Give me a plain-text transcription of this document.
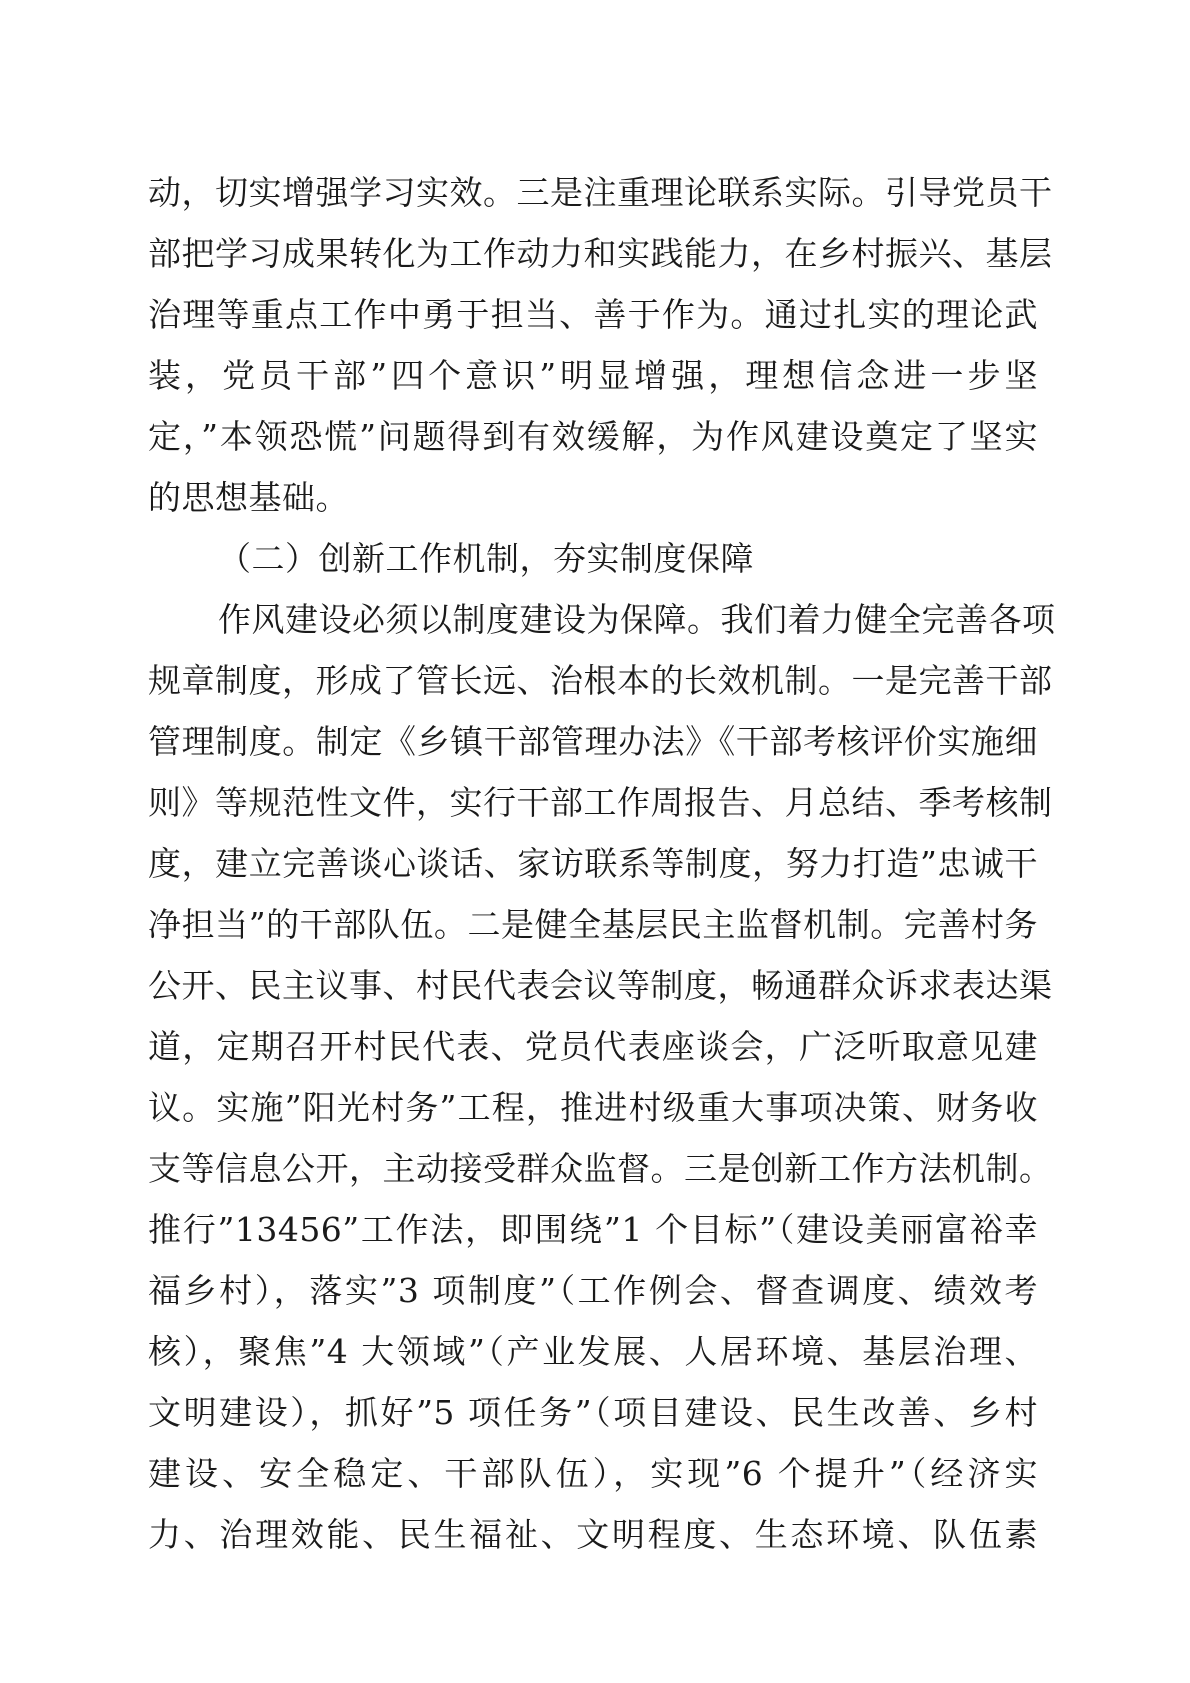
动，切实增强学习实效。三是注重理论联系实际。引导党员干
部把学习成果转化为工作动力和实践能力，在乡村振兴、基层
治理等重点工作中勇于担当、善于作为。通过扎实的理论武
装，党员干部”四个意识”明显增强，理想信念进一步坚
定，”本领恐慌”问题得到有效缓解，为作风建设奠定了坚实
的思想基础。
（二）创新工作机制，夯实制度保障
作风建设必须以制度建设为保障。我们着力健全完善各项
规章制度，形成了管长远、治根本的长效机制。一是完善干部
管理制度。制定《乡镇干部管理办法》《干部考核评价实施细
则》等规范性文件，实行干部工作周报告、月总结、季考核制
度，建立完善谈心谈话、家访联系等制度，努力打造”忠诚干
净担当”的干部队伍。二是健全基层民主监督机制。完善村务
公开、民主议事、村民代表会议等制度，畅通群众诉求表达渠
道，定期召开村民代表、党员代表座谈会，广泛听取意见建
议。实施”阳光村务”工程，推进村级重大事项决策、财务收
支等信息公开，主动接受群众监督。三是创新工作方法机制。
推行”13456”工作法，即围绕”1 个目标”（建设美丽富裕幸
福乡村），落实”3 项制度”（工作例会、督查调度、绩效考
核），聚焦”4 大领域”（产业发展、人居环境、基层治理、
文明建设），抓好”5 项任务”（项目建设、民生改善、乡村
建设、安全稳定、干部队伍），实现”6 个提升”（经济实
力、治理效能、民生福祉、文明程度、生态环境、队伍素
